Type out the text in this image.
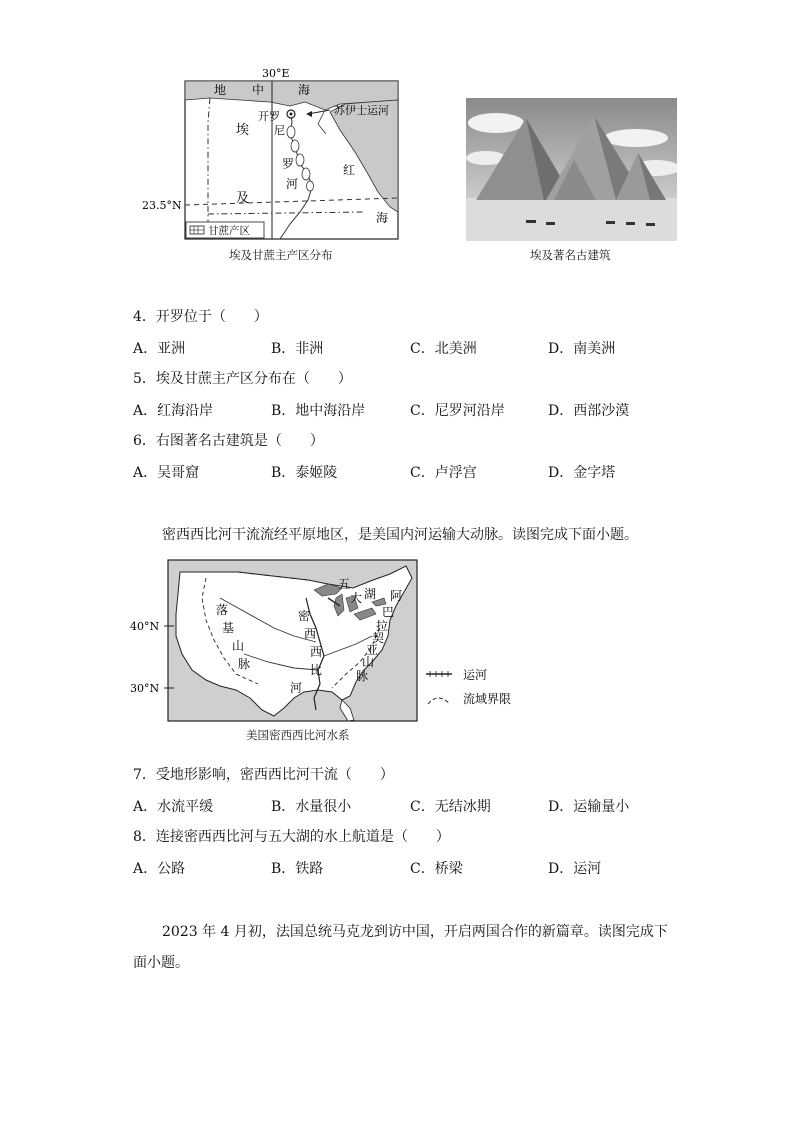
30°E
23.5°N
地 中	海
埃
及
开罗
尼
罗
河
红
海
苏伊士运河
甘蔗产区
埃及甘蔗主产区分布	埃及著名古建筑
4．开罗位于（　　）
A．亚洲	B．非洲	C．北美洲	D．南美洲
5．埃及甘蔗主产区分布在（　　）
A．红海沿岸	B．地中海沿岸	C．尼罗河沿岸	D．西部沙漠
6．右图著名古建筑是（　　）
A．吴哥窟	B．泰姬陵	C．卢浮宫	D．金字塔
密西西比河干流流经平原地区，是美国内河运输大动脉。读图完成下面小题。
40°N
30°N
落
基
山
脉
密
西
西
比
河
五
大 湖 阿
巴
拉
契
亚
山
脉	运河
流域界限
美国密西西比河水系
7．受地形影响，密西西比河干流（　　）
A．水流平缓	B．水量很小	C．无结冰期	D．运输量小
8．连接密西西比河与五大湖的水上航道是（　　）
A．公路	B．铁路	C．桥梁	D．运河
2023 年 4 月初，法国总统马克龙到访中国，开启两国合作的新篇章。读图完成下
面小题。
